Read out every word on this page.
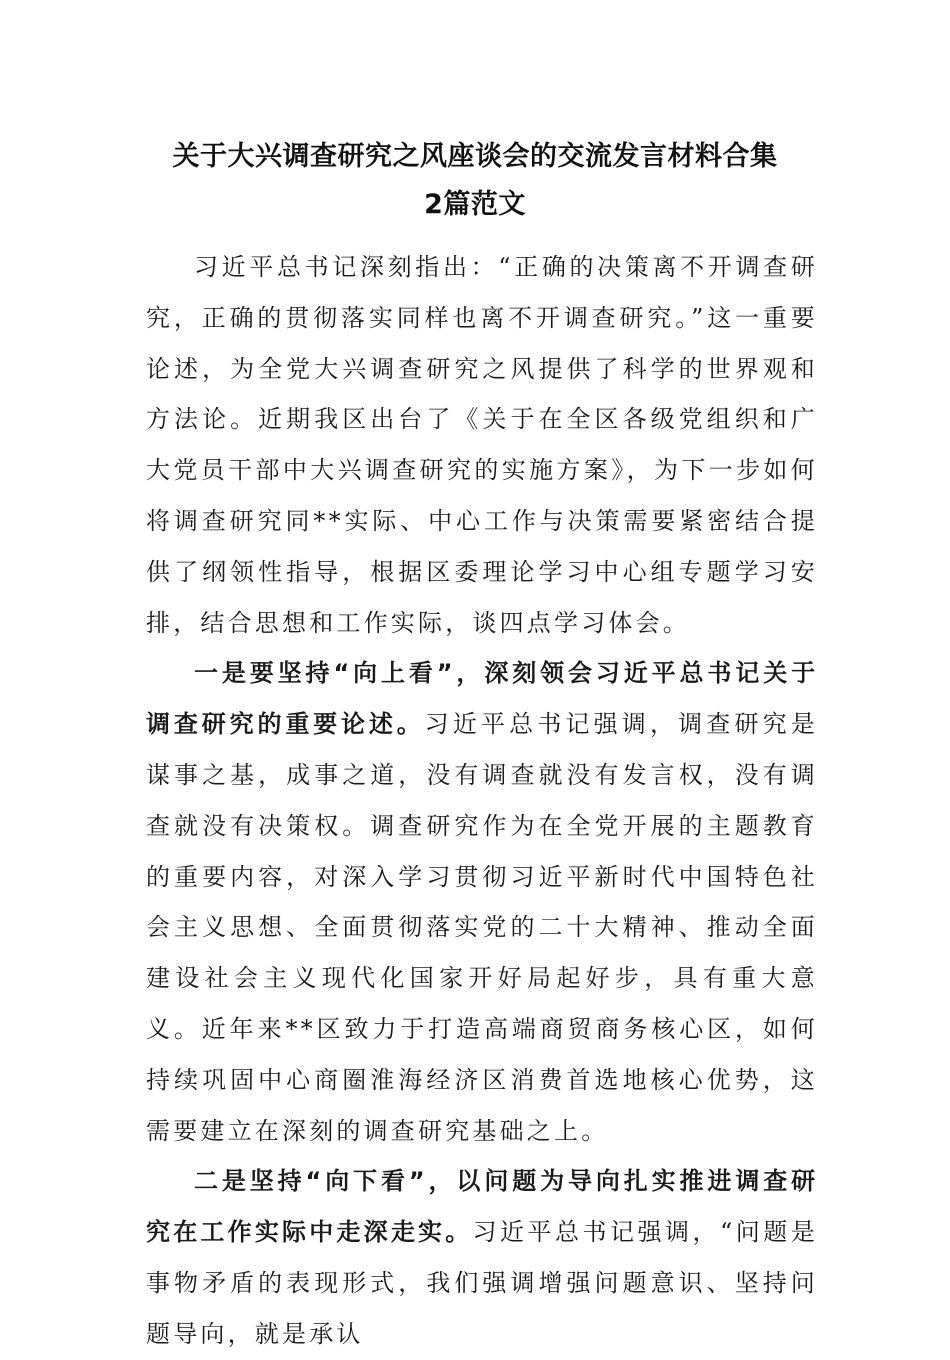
关于大兴调查研究之风座谈会的交流发言材料合集
2篇范文

习近平总书记深刻指出：“正确的决策离不开调查研究，正确的贯彻落实同样也离不开调查研究。”这一重要论述，为全党大兴调查研究之风提供了科学的世界观和方法论。近期我区出台了《关于在全区各级党组织和广大党员干部中大兴调查研究的实施方案》，为下一步如何将调查研究同**实际、中心工作与决策需要紧密结合提供了纲领性指导，根据区委理论学习中心组专题学习安排，结合思想和工作实际，谈四点学习体会。

一是要坚持“向上看”，深刻领会习近平总书记关于调查研究的重要论述。习近平总书记强调，调查研究是谋事之基，成事之道，没有调查就没有发言权，没有调查就没有决策权。调查研究作为在全党开展的主题教育的重要内容，对深入学习贯彻习近平新时代中国特色社会主义思想、全面贯彻落实党的二十大精神、推动全面建设社会主义现代化国家开好局起好步，具有重大意义。近年来**区致力于打造高端商贸商务核心区，如何持续巩固中心商圈淮海经济区消费首选地核心优势，这需要建立在深刻的调查研究基础之上。

二是坚持“向下看”，以问题为导向扎实推进调查研究在工作实际中走深走实。习近平总书记强调，“问题是事物矛盾的表现形式，我们强调增强问题意识、坚持问题导向，就是承认
